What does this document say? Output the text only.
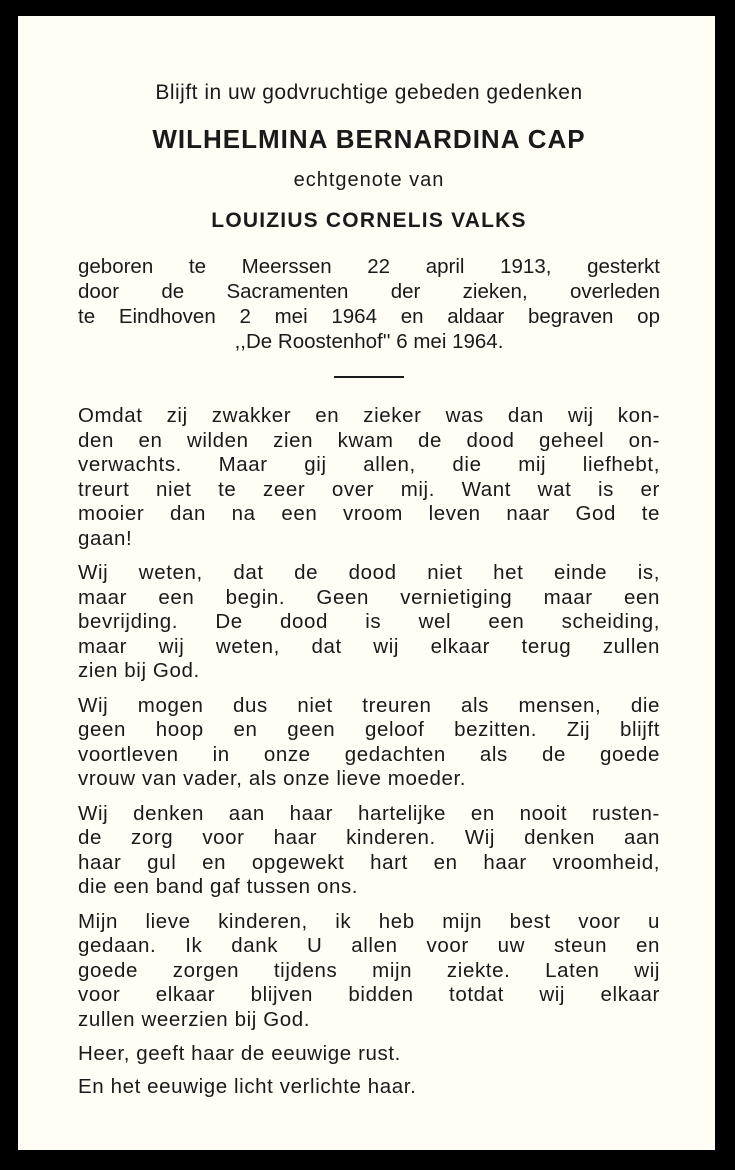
Blijft in uw godvruchtige gebeden gedenken
WILHELMINA BERNARDINA CAP
echtgenote van
LOUIZIUS CORNELIS VALKS
geboren te Meerssen 22 april 1913, gesterkt
door de Sacramenten der zieken, overleden
te Eindhoven 2 mei 1964 en aldaar begraven op
,,De Roostenhof'' 6 mei 1964.
Omdat zij zwakker en zieker was dan wij kon-
den en wilden zien kwam de dood geheel on-
verwachts. Maar gij allen, die mij liefhebt,
treurt niet te zeer over mij. Want wat is er
mooier dan na een vroom leven naar God te
gaan!
Wij weten, dat de dood niet het einde is,
maar een begin. Geen vernietiging maar een
bevrijding. De dood is wel een scheiding,
maar wij weten, dat wij elkaar terug zullen
zien bij God.
Wij mogen dus niet treuren als mensen, die
geen hoop en geen geloof bezitten. Zij blijft
voortleven in onze gedachten als de goede
vrouw van vader, als onze lieve moeder.
Wij denken aan haar hartelijke en nooit rusten-
de zorg voor haar kinderen. Wij denken aan
haar gul en opgewekt hart en haar vroomheid,
die een band gaf tussen ons.
Mijn lieve kinderen, ik heb mijn best voor u
gedaan. Ik dank U allen voor uw steun en
goede zorgen tijdens mijn ziekte. Laten wij
voor elkaar blijven bidden totdat wij elkaar
zullen weerzien bij God.
Heer, geeft haar de eeuwige rust.
En het eeuwige licht verlichte haar.
